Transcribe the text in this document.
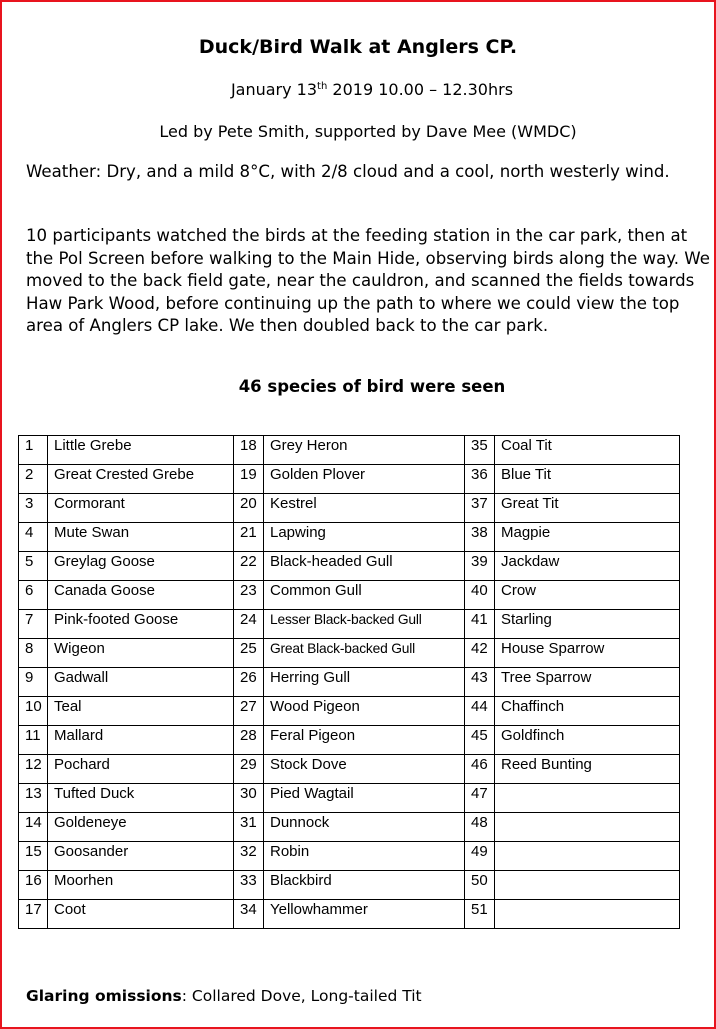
Duck/Bird Walk at Anglers CP.
January 13th 2019 10.00 – 12.30hrs
Led by Pete Smith, supported by Dave Mee (WMDC)
Weather: Dry, and a mild 8°C, with 2/8 cloud and a cool, north westerly wind.
10 participants watched the birds at the feeding station in the car park, then at the Pol Screen before walking to the Main Hide, observing birds along the way. We moved to the back field gate, near the cauldron, and scanned the fields towards Haw Park Wood, before continuing up the path to where we could view the top area of Anglers CP lake. We then doubled back to the car park.
46 species of bird were seen
1	Little Grebe	18	Grey Heron	35	Coal Tit
2	Great Crested Grebe	19	Golden Plover	36	Blue Tit
3	Cormorant	20	Kestrel	37	Great Tit
4	Mute Swan	21	Lapwing	38	Magpie
5	Greylag Goose	22	Black-headed Gull	39	Jackdaw
6	Canada Goose	23	Common Gull	40	Crow
7	Pink-footed Goose	24	Lesser Black-backed Gull	41	Starling
8	Wigeon	25	Great Black-backed Gull	42	House Sparrow
9	Gadwall	26	Herring Gull	43	Tree Sparrow
10	Teal	27	Wood Pigeon	44	Chaffinch
11	Mallard	28	Feral Pigeon	45	Goldfinch
12	Pochard	29	Stock Dove	46	Reed Bunting
13	Tufted Duck	30	Pied Wagtail	47	
14	Goldeneye	31	Dunnock	48	
15	Goosander	32	Robin	49	
16	Moorhen	33	Blackbird	50	
17	Coot	34	Yellowhammer	51	
Glaring omissions: Collared Dove, Long-tailed Tit
